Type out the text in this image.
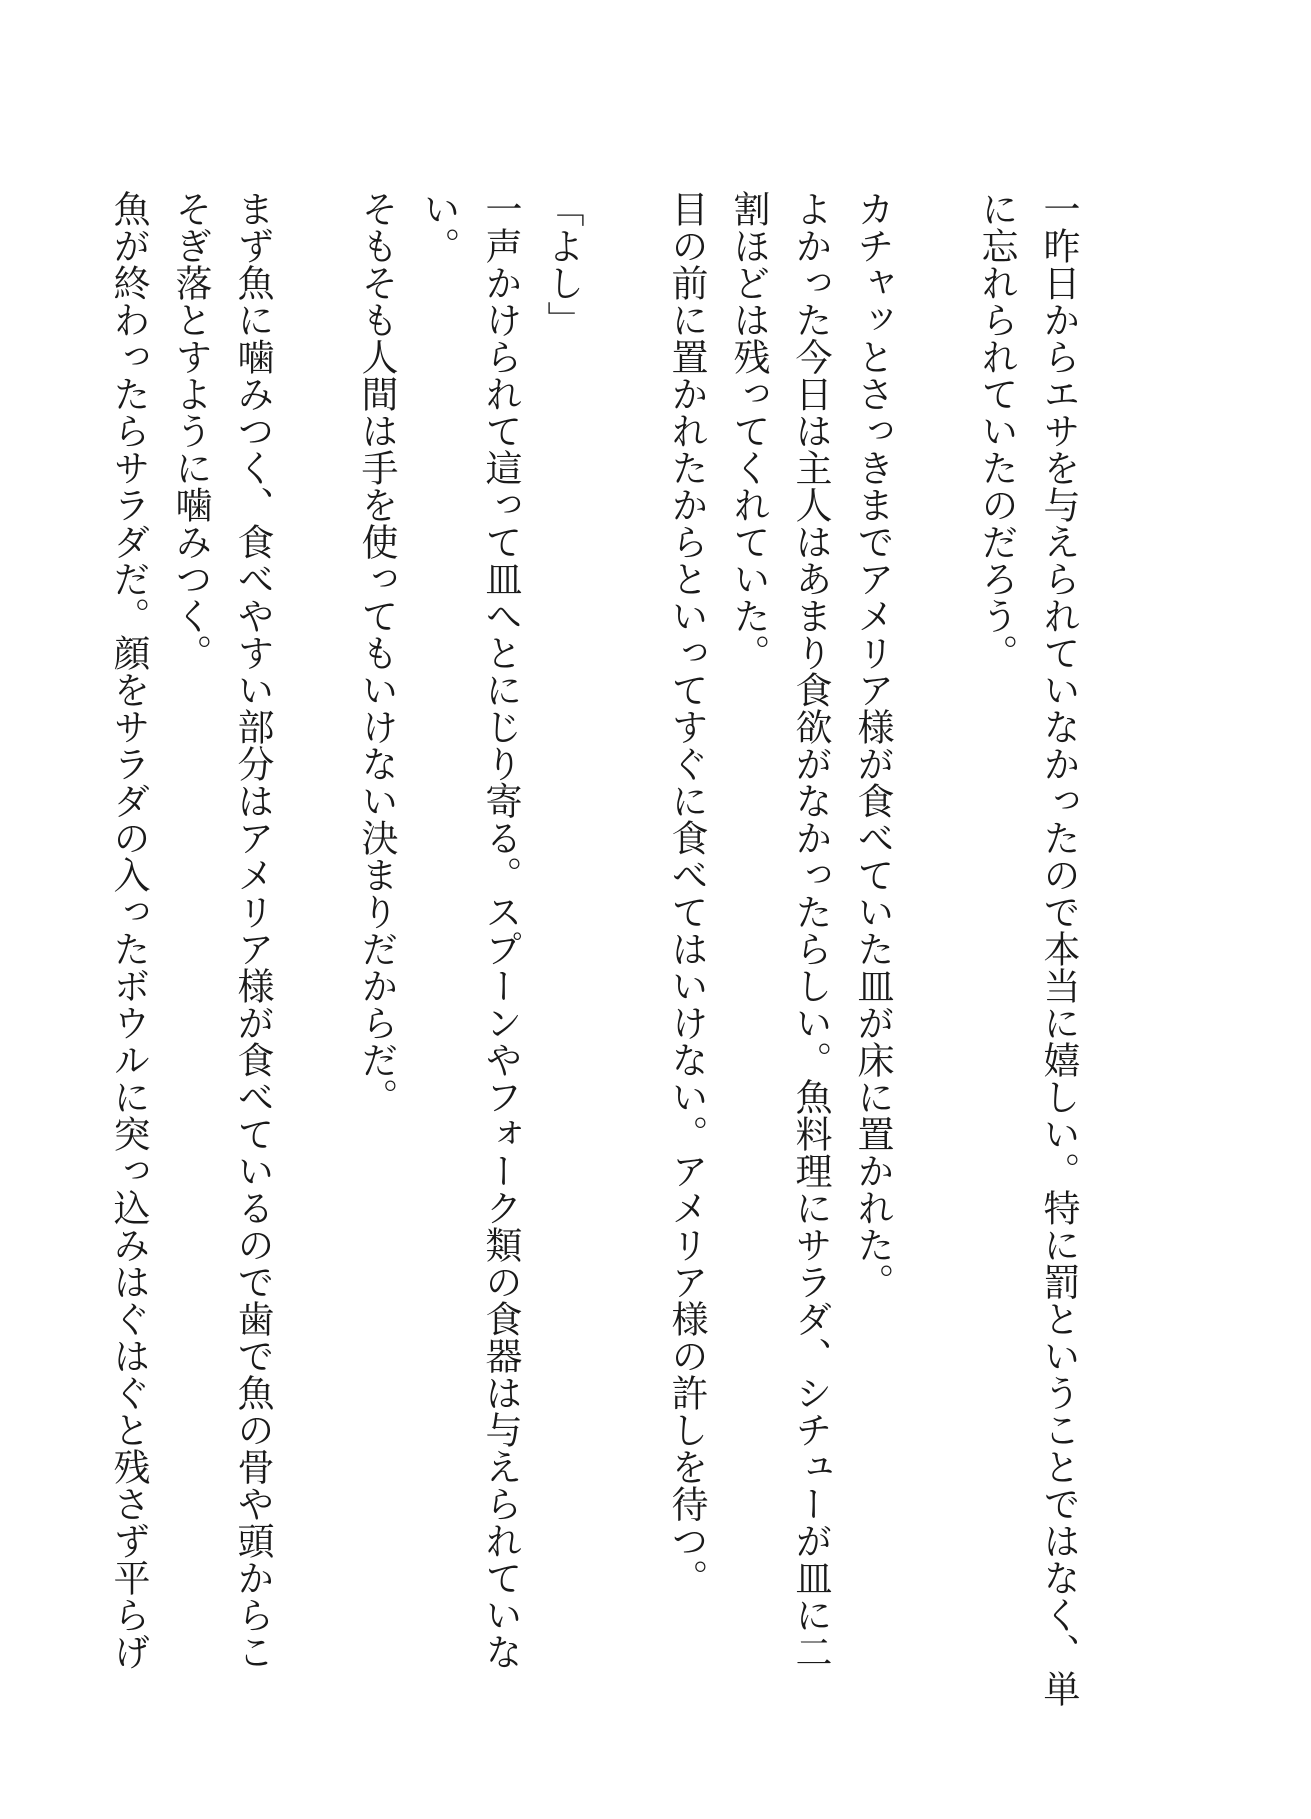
一昨日からエサを与えられていなかったので本当に嬉しい。特に罰ということではなく、単
に忘れられていたのだろう。
カチャッとさっきまでアメリア様が食べていた皿が床に置かれた。
よかった今日は主人はあまり食欲がなかったらしい。魚料理にサラダ、シチューが皿に二
割ほどは残ってくれていた。
目の前に置かれたからといってすぐに食べてはいけない。アメリア様の許しを待つ。
「よし」
一声かけられて這って皿へとにじり寄る。スプーンやフォーク類の食器は与えられていな
い。
そもそも人間は手を使ってもいけない決まりだからだ。
まず魚に噛みつく、食べやすい部分はアメリア様が食べているので歯で魚の骨や頭からこ
そぎ落とすように噛みつく。
魚が終わったらサラダだ。顔をサラダの入ったボウルに突っ込みはぐはぐと残さず平らげ
